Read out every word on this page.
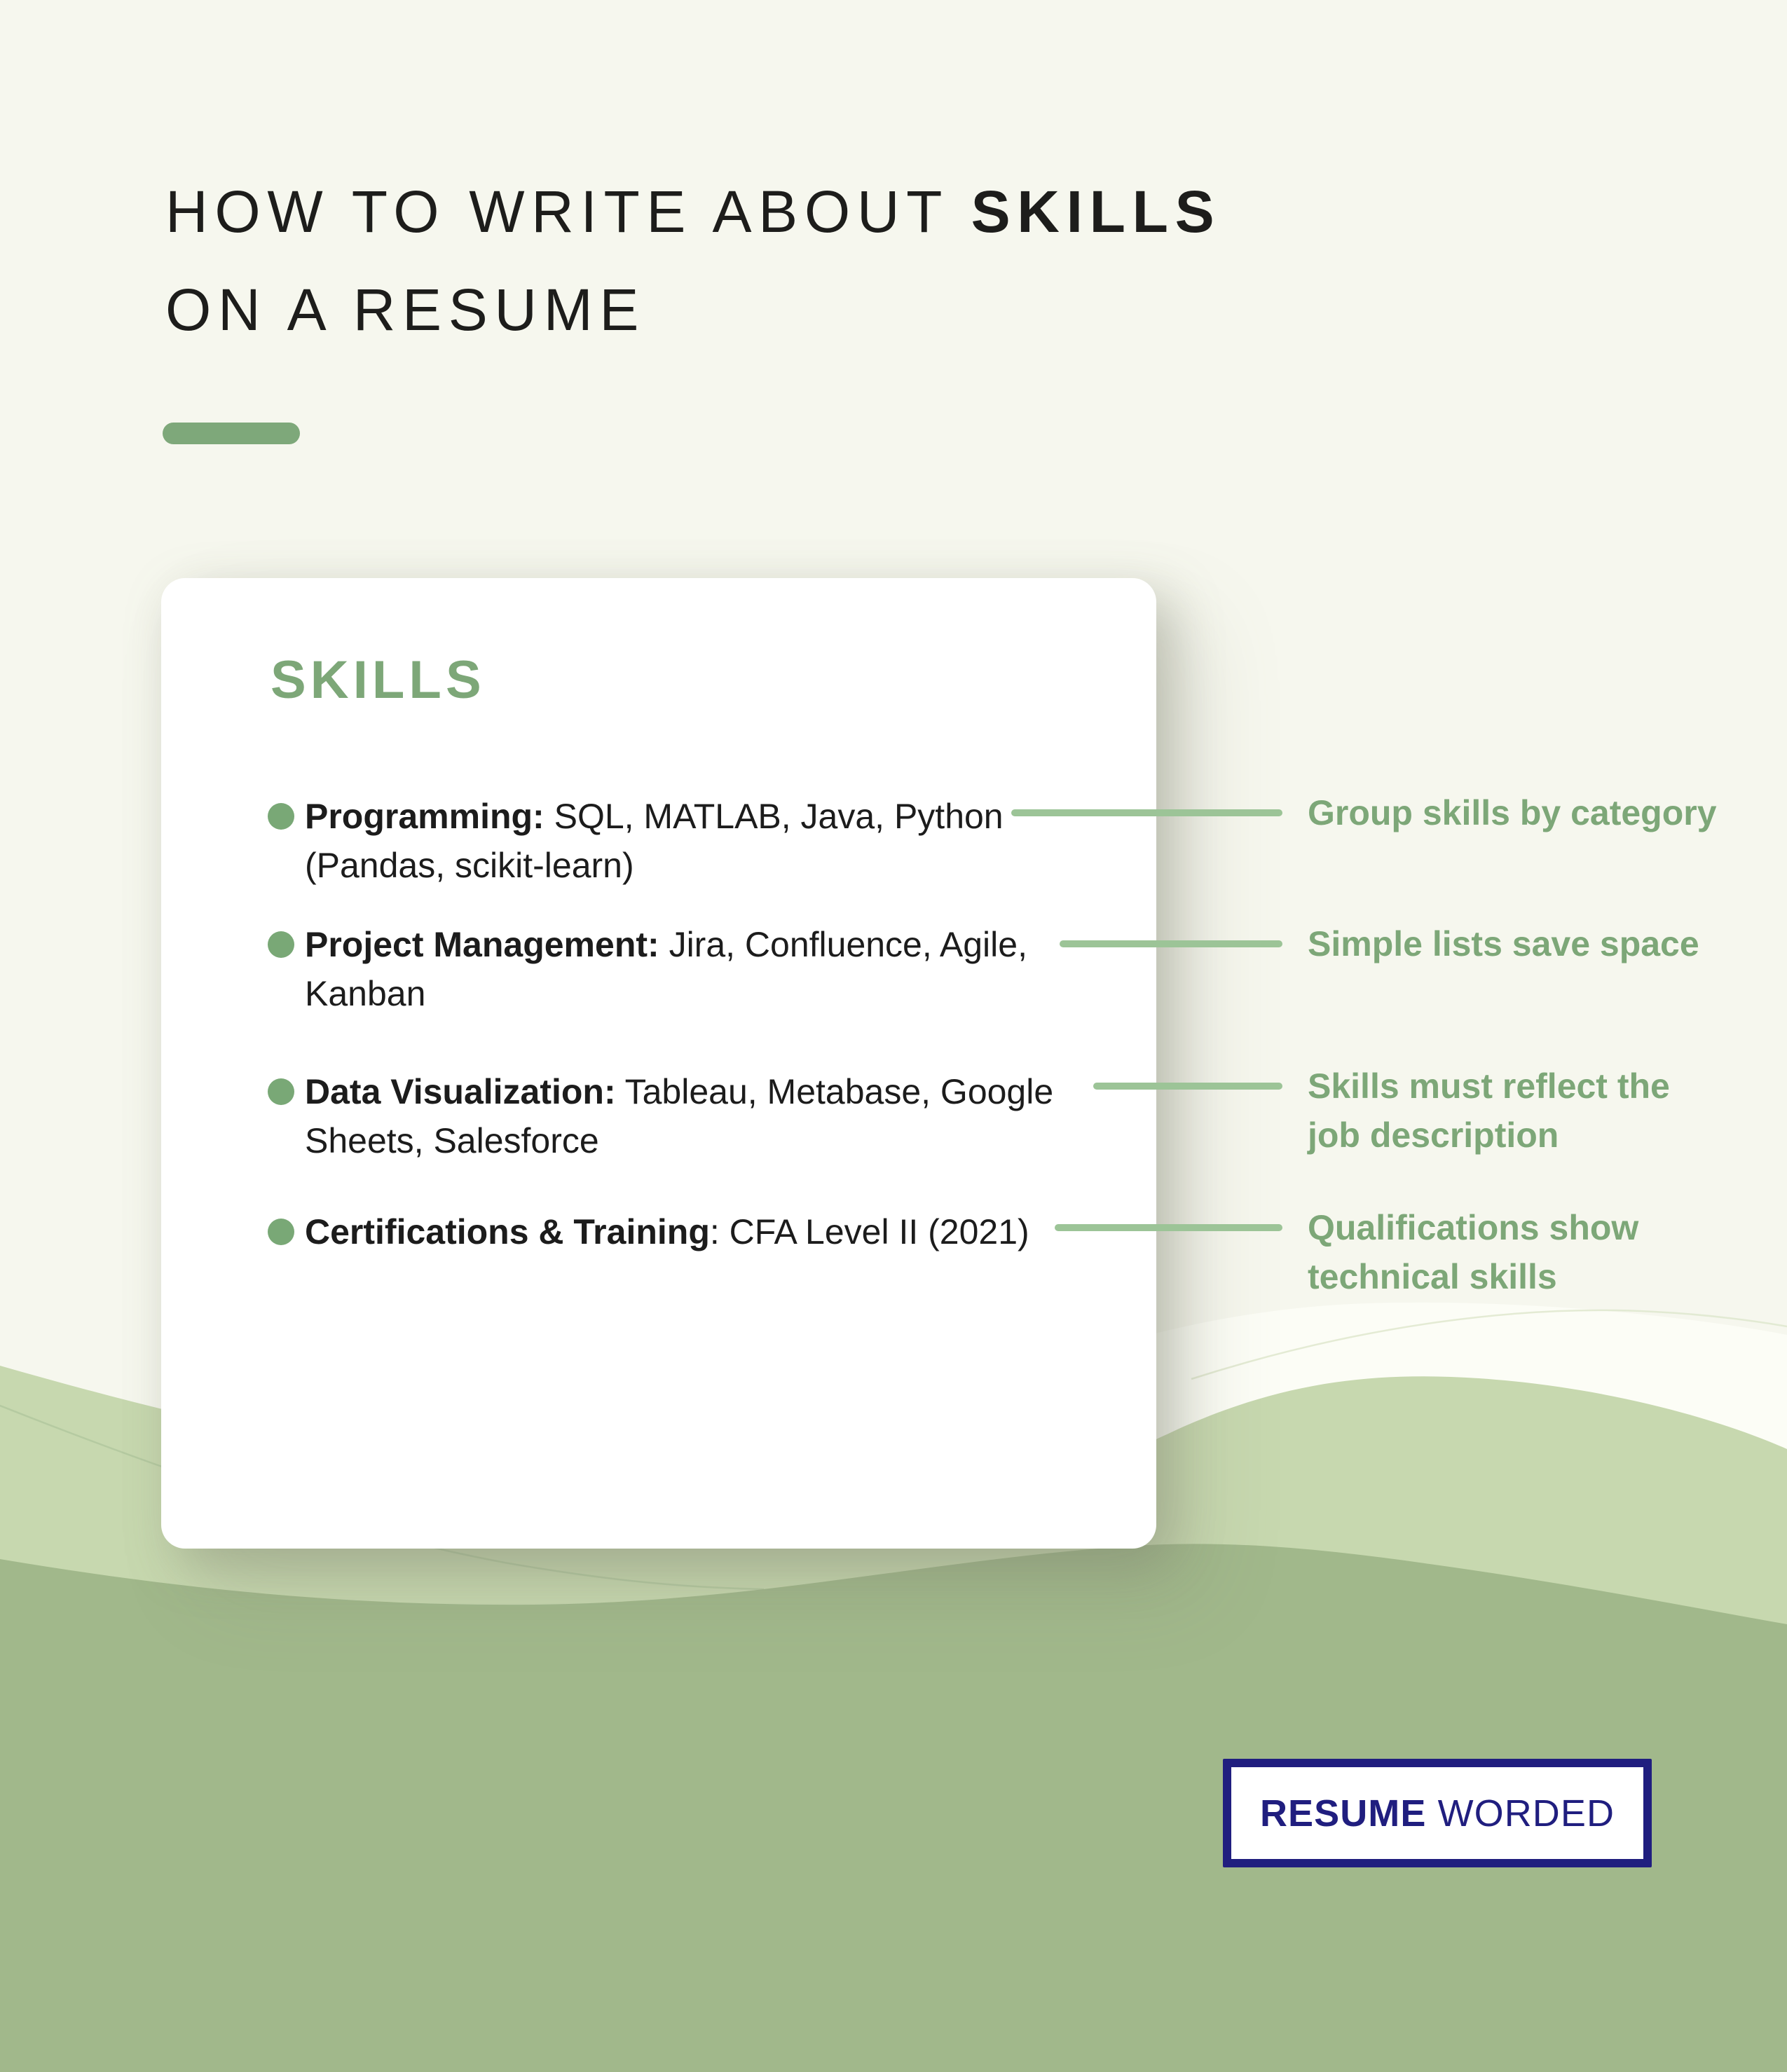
HOW TO WRITE ABOUT SKILLS
ON A RESUME
SKILLS
Programming: SQL, MATLAB, Java, Python
(Pandas, scikit-learn)
Project Management: Jira, Confluence, Agile,
Kanban
Data Visualization: Tableau, Metabase, Google
Sheets, Salesforce
Certifications & Training: CFA Level II (2021)
Group skills by category
Simple lists save space
Skills must reflect the
job description
Qualifications show
technical skills
RESUME WORDED
